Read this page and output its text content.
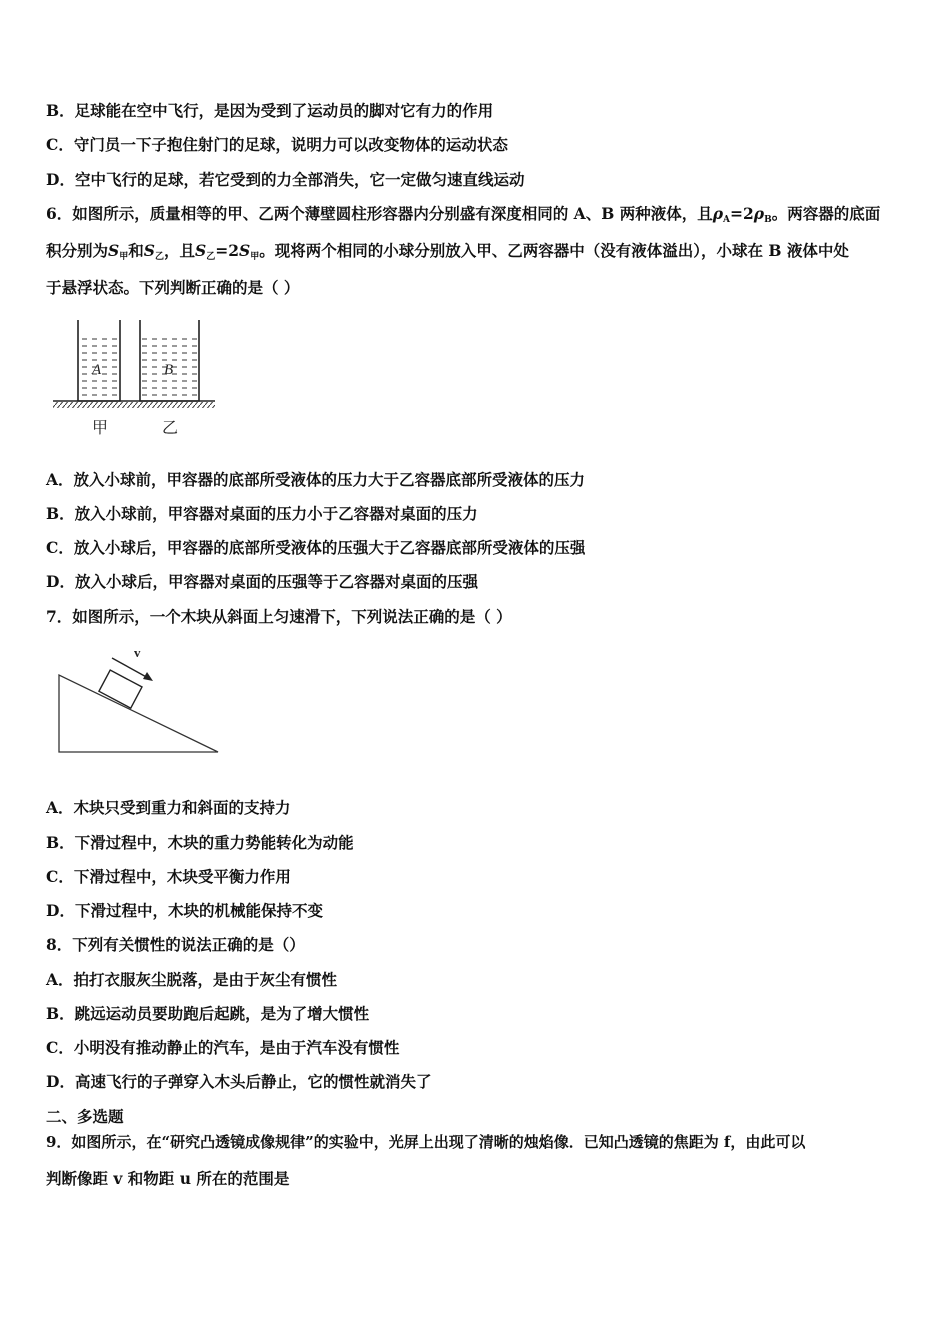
B．足球能在空中飞行，是因为受到了运动员的脚对它有力的作用
C．守门员一下子抱住射门的足球，说明力可以改变物体的运动状态
D．空中飞行的足球，若它受到的力全部消失，它一定做匀速直线运动
6．如图所示，质量相等的甲、乙两个薄壁圆柱形容器内分别盛有深度相同的 A、B 两种液体，且$\rho_A=2\rho_B$。两容器的底面
积分别为$S_甲$和$S_乙$，且$S_乙=2S_甲$。现将两个相同的小球分别放入甲、乙两容器中（没有液体溢出），小球在 B 液体中处
于悬浮状态。下列判断正确的是（ ）
A	B
甲	乙
A．放入小球前，甲容器的底部所受液体的压力大于乙容器底部所受液体的压力
B．放入小球前，甲容器对桌面的压力小于乙容器对桌面的压力
C．放入小球后，甲容器的底部所受液体的压强大于乙容器底部所受液体的压强
D．放入小球后，甲容器对桌面的压强等于乙容器对桌面的压强
7．如图所示，一个木块从斜面上匀速滑下，下列说法正确的是（ ）
v
A．木块只受到重力和斜面的支持力
B．下滑过程中，木块的重力势能转化为动能
C．下滑过程中，木块受平衡力作用
D．下滑过程中，木块的机械能保持不变
8．下列有关惯性的说法正确的是（）
A．拍打衣服灰尘脱落，是由于灰尘有惯性
B．跳远运动员要助跑后起跳，是为了增大惯性
C．小明没有推动静止的汽车，是由于汽车没有惯性
D．高速飞行的子弹穿入木头后静止，它的惯性就消失了
二、多选题
9．如图所示，在“研究凸透镜成像规律”的实验中，光屏上出现了清晰的烛焰像．已知凸透镜的焦距为 f，由此可以
判断像距 v 和物距 u 所在的范围是
